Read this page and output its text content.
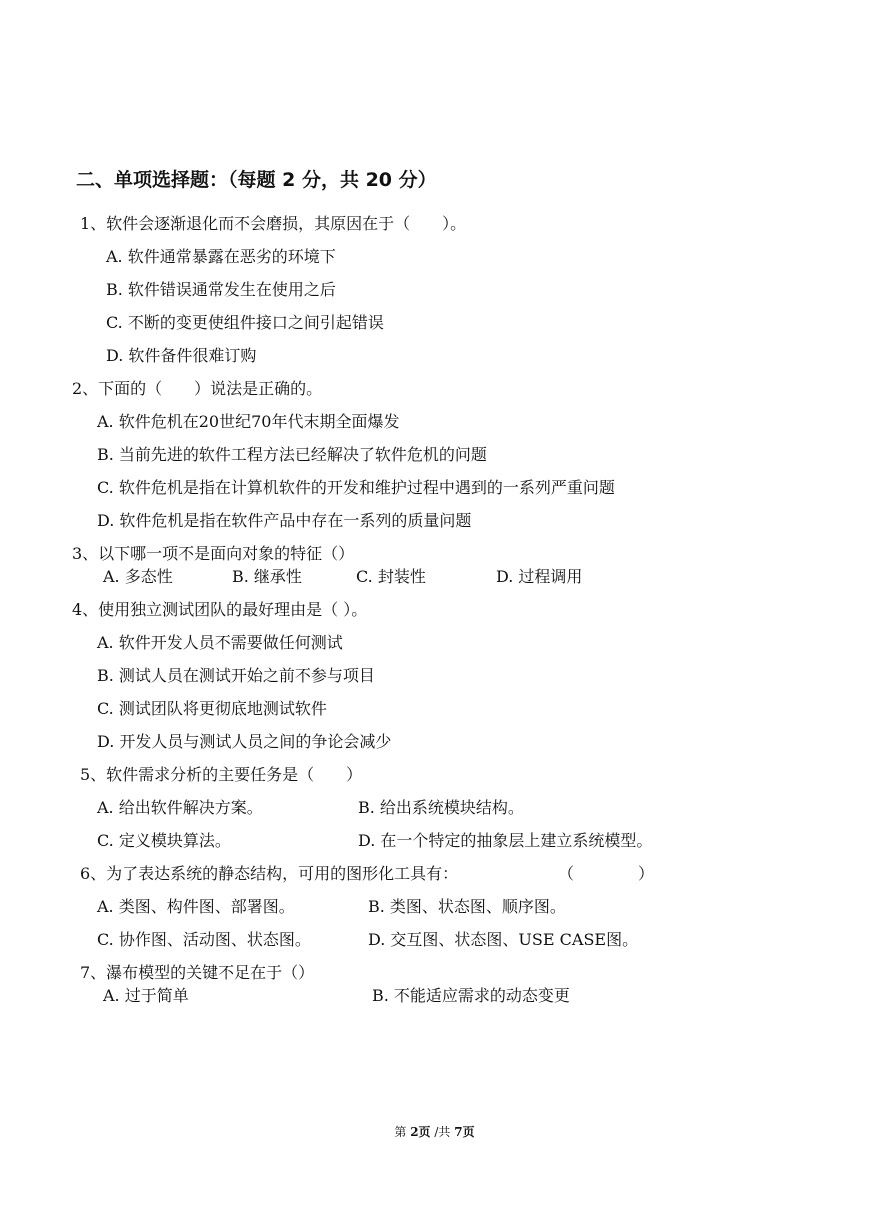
二、单项选择题：（每题 2 分，共 20 分）
1、软件会逐渐退化而不会磨损，其原因在于（　　）。
A. 软件通常暴露在恶劣的环境下
B. 软件错误通常发生在使用之后
C. 不断的变更使组件接口之间引起错误
D. 软件备件很难订购
2、下面的（　　）说法是正确的。
A. 软件危机在20世纪70年代末期全面爆发
B. 当前先进的软件工程方法已经解决了软件危机的问题
C. 软件危机是指在计算机软件的开发和维护过程中遇到的一系列严重问题
D. 软件危机是指在软件产品中存在一系列的质量问题
3、以下哪一项不是面向对象的特征（）
A. 多态性	B. 继承性	C. 封装性	D. 过程调用
4、使用独立测试团队的最好理由是（ ）。
A. 软件开发人员不需要做任何测试
B. 测试人员在测试开始之前不参与项目
C. 测试团队将更彻底地测试软件
D. 开发人员与测试人员之间的争论会减少
5、软件需求分析的主要任务是（　　）
A. 给出软件解决方案。	B. 给出系统模块结构。
C. 定义模块算法。	D. 在一个特定的抽象层上建立系统模型。
6、为了表达系统的静态结构，可用的图形化工具有：	（　　　　）
A. 类图、构件图、部署图。	B. 类图、状态图、顺序图。
C. 协作图、活动图、状态图。	D. 交互图、状态图、USE CASE图。
7、瀑布模型的关键不足在于（）
A. 过于简单	B. 不能适应需求的动态变更
第 2页 /共 7页
